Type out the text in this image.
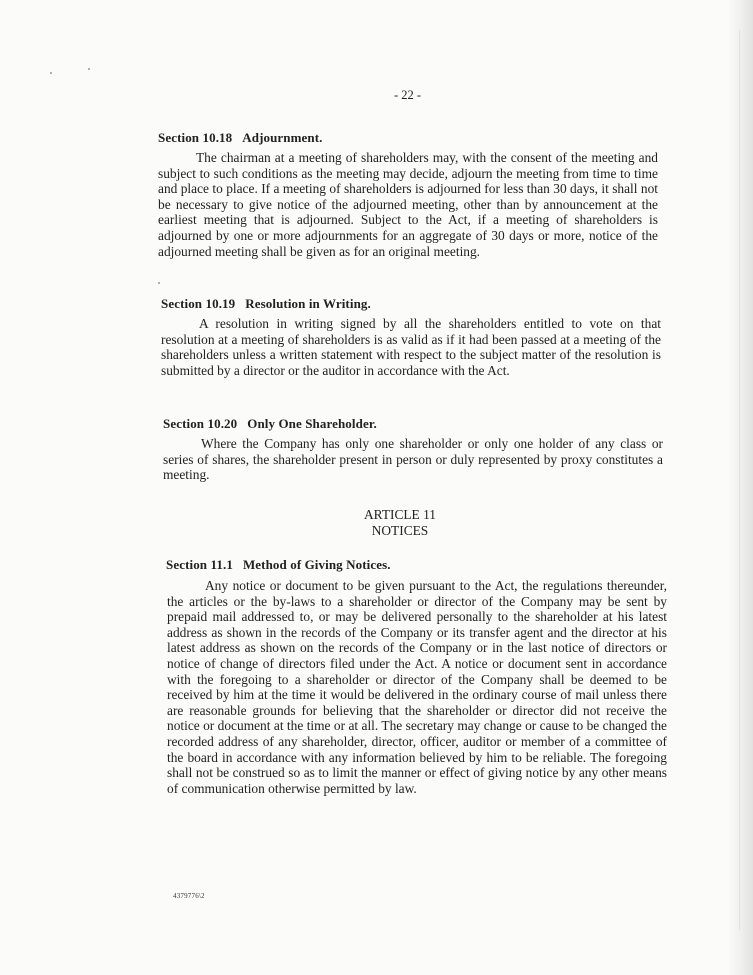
- 22 -
Section 10.18 Adjournment.

The chairman at a meeting of shareholders may, with the consent of the meeting and subject to such conditions as the meeting may decide, adjourn the meeting from time to time and place to place. If a meeting of shareholders is adjourned for less than 30 days, it shall not be necessary to give notice of the adjourned meeting, other than by announcement at the earliest meeting that is adjourned. Subject to the Act, if a meeting of shareholders is adjourned by one or more adjournments for an aggregate of 30 days or more, notice of the adjourned meeting shall be given as for an original meeting.

Section 10.19 Resolution in Writing.

A resolution in writing signed by all the shareholders entitled to vote on that resolution at a meeting of shareholders is as valid as if it had been passed at a meeting of the shareholders unless a written statement with respect to the subject matter of the resolution is submitted by a director or the auditor in accordance with the Act.

Section 10.20 Only One Shareholder.

Where the Company has only one shareholder or only one holder of any class or series of shares, the shareholder present in person or duly represented by proxy constitutes a meeting.

ARTICLE 11
NOTICES
Section 11.1 Method of Giving Notices.

Any notice or document to be given pursuant to the Act, the regulations thereunder, the articles or the by-laws to a shareholder or director of the Company may be sent by prepaid mail addressed to, or may be delivered personally to the shareholder at his latest address as shown in the records of the Company or its transfer agent and the director at his latest address as shown on the records of the Company or in the last notice of directors or notice of change of directors filed under the Act. A notice or document sent in accordance with the foregoing to a shareholder or director of the Company shall be deemed to be received by him at the time it would be delivered in the ordinary course of mail unless there are reasonable grounds for believing that the shareholder or director did not receive the notice or document at the time or at all. The secretary may change or cause to be changed the recorded address of any shareholder, director, officer, auditor or member of a committee of the board in accordance with any information believed by him to be reliable. The foregoing shall not be construed so as to limit the manner or effect of giving notice by any other means of communication otherwise permitted by law.

4379776\2
